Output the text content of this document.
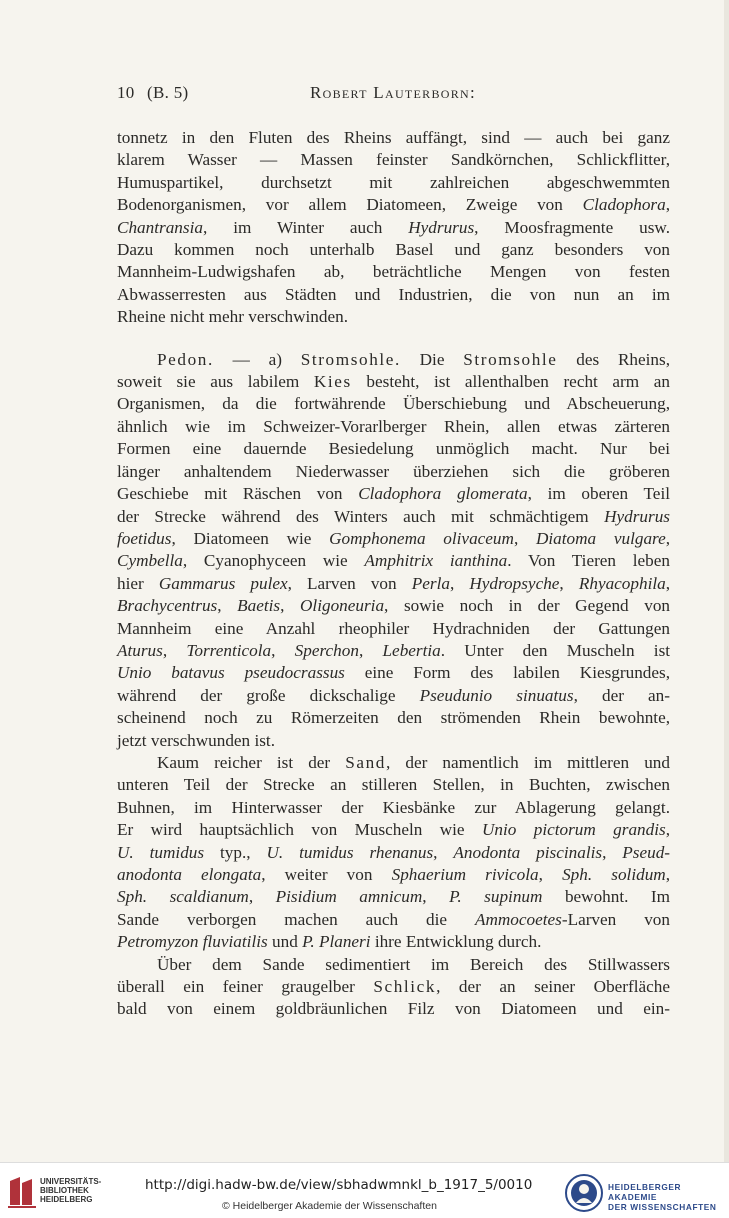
10 (B. 5)	Robert Lauterborn:

tonnetz in den Fluten des Rheins auffängt, sind — auch bei ganz
klarem Wasser — Massen feinster Sandkörnchen, Schlickflitter,
Humuspartikel, durchsetzt mit zahlreichen abgeschwemmten
Bodenorganismen, vor allem Diatomeen, Zweige von Cladophora,
Chantransia, im Winter auch Hydrurus, Moosfragmente usw.
Dazu kommen noch unterhalb Basel und ganz besonders von
Mannheim-Ludwigshafen ab, beträchtliche Mengen von festen
Abwasserresten aus Städten und Industrien, die von nun an im
Rheine nicht mehr verschwinden.

Pedon. — a) Stromsohle. Die Stromsohle des Rheins,
soweit sie aus labilem Kies besteht, ist allenthalben recht arm an
Organismen, da die fortwährende Überschiebung und Abscheuerung,
ähnlich wie im Schweizer-Vorarlberger Rhein, allen etwas zärteren
Formen eine dauernde Besiedelung unmöglich macht. Nur bei
länger anhaltendem Niederwasser überziehen sich die gröberen
Geschiebe mit Räschen von Cladophora glomerata, im oberen Teil
der Strecke während des Winters auch mit schmächtigem Hydrurus
foetidus, Diatomeen wie Gomphonema olivaceum, Diatoma vulgare,
Cymbella, Cyanophyceen wie Amphitrix ianthina. Von Tieren leben
hier Gammarus pulex, Larven von Perla, Hydropsyche, Rhyacophila,
Brachycentrus, Baetis, Oligoneuria, sowie noch in der Gegend von
Mannheim eine Anzahl rheophiler Hydrachniden der Gattungen
Aturus, Torrenticola, Sperchon, Lebertia. Unter den Muscheln ist
Unio batavus pseudocrassus eine Form des labilen Kiesgrundes,
während der große dickschalige Pseudunio sinuatus, der an-
scheinend noch zu Römerzeiten den strömenden Rhein bewohnte,
jetzt verschwunden ist.

Kaum reicher ist der Sand, der namentlich im mittleren und
unteren Teil der Strecke an stilleren Stellen, in Buchten, zwischen
Buhnen, im Hinterwasser der Kiesbänke zur Ablagerung gelangt.
Er wird hauptsächlich von Muscheln wie Unio pictorum grandis,
U. tumidus typ., U. tumidus rhenanus, Anodonta piscinalis, Pseud-
anodonta elongata, weiter von Sphaerium rivicola, Sph. solidum,
Sph. scaldianum, Pisidium amnicum, P. supinum bewohnt. Im
Sande verborgen machen auch die Ammocoetes-Larven von
Petromyzon fluviatilis und P. Planeri ihre Entwicklung durch.

Über dem Sande sedimentiert im Bereich des Stillwassers
überall ein feiner graugelber Schlick, der an seiner Oberfläche
bald von einem goldbräunlichen Filz von Diatomeen und ein-

UNIVERSITÄTS-
BIBLIOTHEK
HEIDELBERG
http://digi.hadw-bw.de/view/sbhadwmnkl_b_1917_5/0010
© Heidelberger Akademie der Wissenschaften
HEIDELBERGER AKADEMIE
DER WISSENSCHAFTEN
